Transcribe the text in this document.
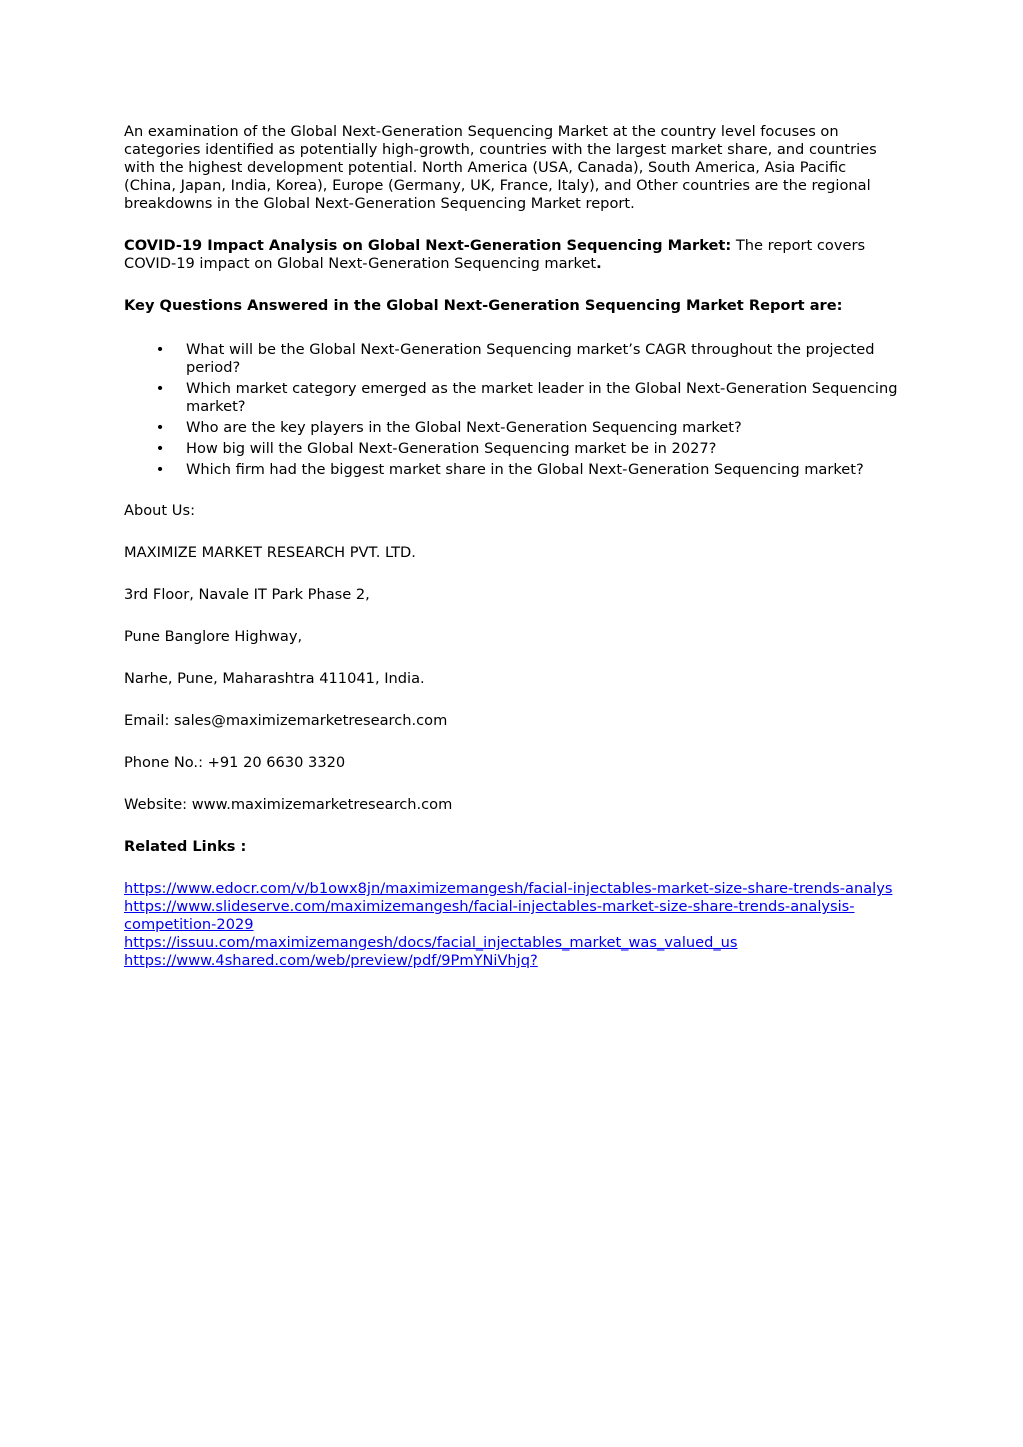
An examination of the Global Next-Generation Sequencing Market at the country level focuses on categories identified as potentially high-growth, countries with the largest market share, and countries with the highest development potential. North America (USA, Canada), South America, Asia Pacific (China, Japan, India, Korea), Europe (Germany, UK, France, Italy), and Other countries are the regional breakdowns in the Global Next-Generation Sequencing Market report.

COVID-19 Impact Analysis on Global Next-Generation Sequencing Market: The report covers COVID-19 impact on Global Next-Generation Sequencing market.

Key Questions Answered in the Global Next-Generation Sequencing Market Report are:

• What will be the Global Next-Generation Sequencing market’s CAGR throughout the projected period?
• Which market category emerged as the market leader in the Global Next-Generation Sequencing market?
• Who are the key players in the Global Next-Generation Sequencing market?
• How big will the Global Next-Generation Sequencing market be in 2027?
• Which firm had the biggest market share in the Global Next-Generation Sequencing market?

About Us:

MAXIMIZE MARKET RESEARCH PVT. LTD.

3rd Floor, Navale IT Park Phase 2,

Pune Banglore Highway,

Narhe, Pune, Maharashtra 411041, India.

Email: sales@maximizemarketresearch.com

Phone No.: +91 20 6630 3320

Website: www.maximizemarketresearch.com

Related Links :

https://www.edocr.com/v/b1owx8jn/maximizemangesh/facial-injectables-market-size-share-trends-analys
https://www.slideserve.com/maximizemangesh/facial-injectables-market-size-share-trends-analysis-competition-2029
https://issuu.com/maximizemangesh/docs/facial_injectables_market_was_valued_us
https://www.4shared.com/web/preview/pdf/9PmYNiVhjq?
